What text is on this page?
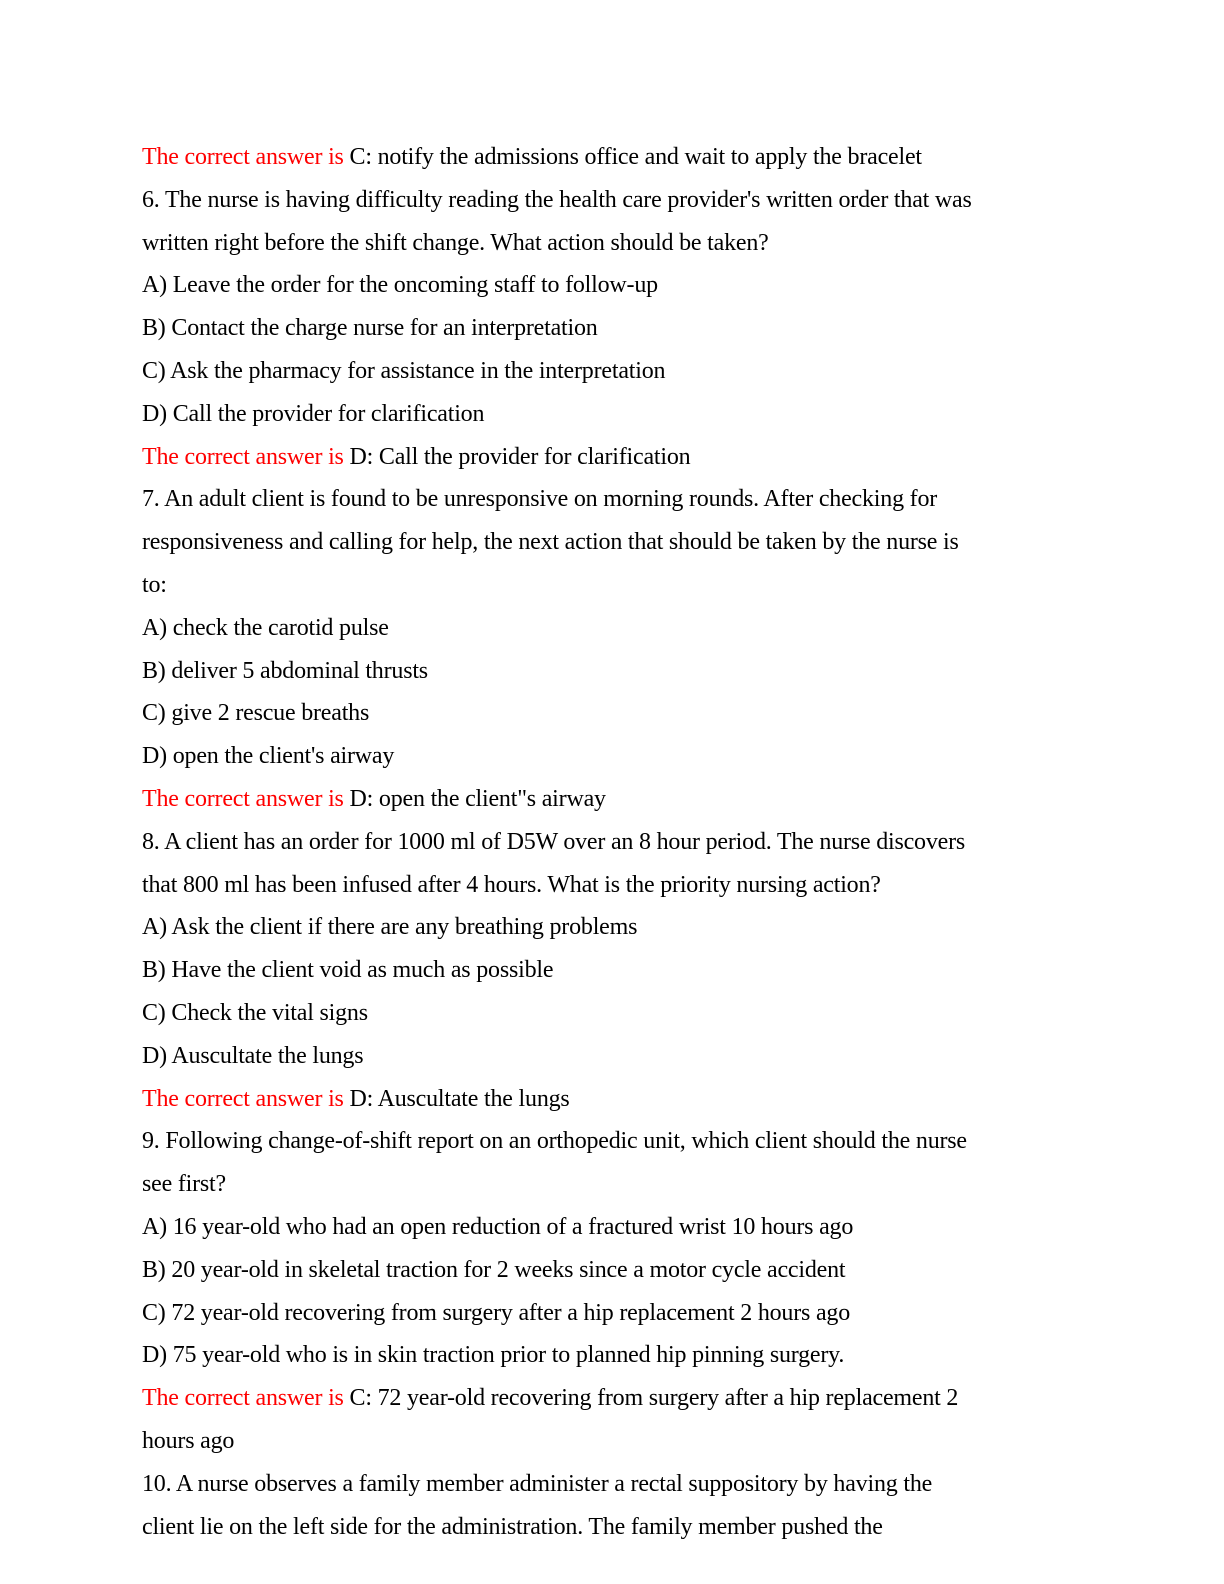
The correct answer is C: notify the admissions office and wait to apply the bracelet

6. The nurse is having difficulty reading the health care provider's written order that was

written right before the shift change. What action should be taken?

A) Leave the order for the oncoming staff to follow-up

B) Contact the charge nurse for an interpretation

C) Ask the pharmacy for assistance in the interpretation

D) Call the provider for clarification

The correct answer is D: Call the provider for clarification

7. An adult client is found to be unresponsive on morning rounds. After checking for

responsiveness and calling for help, the next action that should be taken by the nurse is

to:

A) check the carotid pulse

B) deliver 5 abdominal thrusts

C) give 2 rescue breaths

D) open the client's airway

The correct answer is D: open the client"s airway

8. A client has an order for 1000 ml of D5W over an 8 hour period. The nurse discovers

that 800 ml has been infused after 4 hours. What is the priority nursing action?

A) Ask the client if there are any breathing problems

B) Have the client void as much as possible

C) Check the vital signs

D) Auscultate the lungs

The correct answer is D: Auscultate the lungs

9. Following change-of-shift report on an orthopedic unit, which client should the nurse

see first?

A) 16 year-old who had an open reduction of a fractured wrist 10 hours ago

B) 20 year-old in skeletal traction for 2 weeks since a motor cycle accident

C) 72 year-old recovering from surgery after a hip replacement 2 hours ago

D) 75 year-old who is in skin traction prior to planned hip pinning surgery.

The correct answer is C: 72 year-old recovering from surgery after a hip replacement 2

hours ago

10. A nurse observes a family member administer a rectal suppository by having the

client lie on the left side for the administration. The family member pushed the
